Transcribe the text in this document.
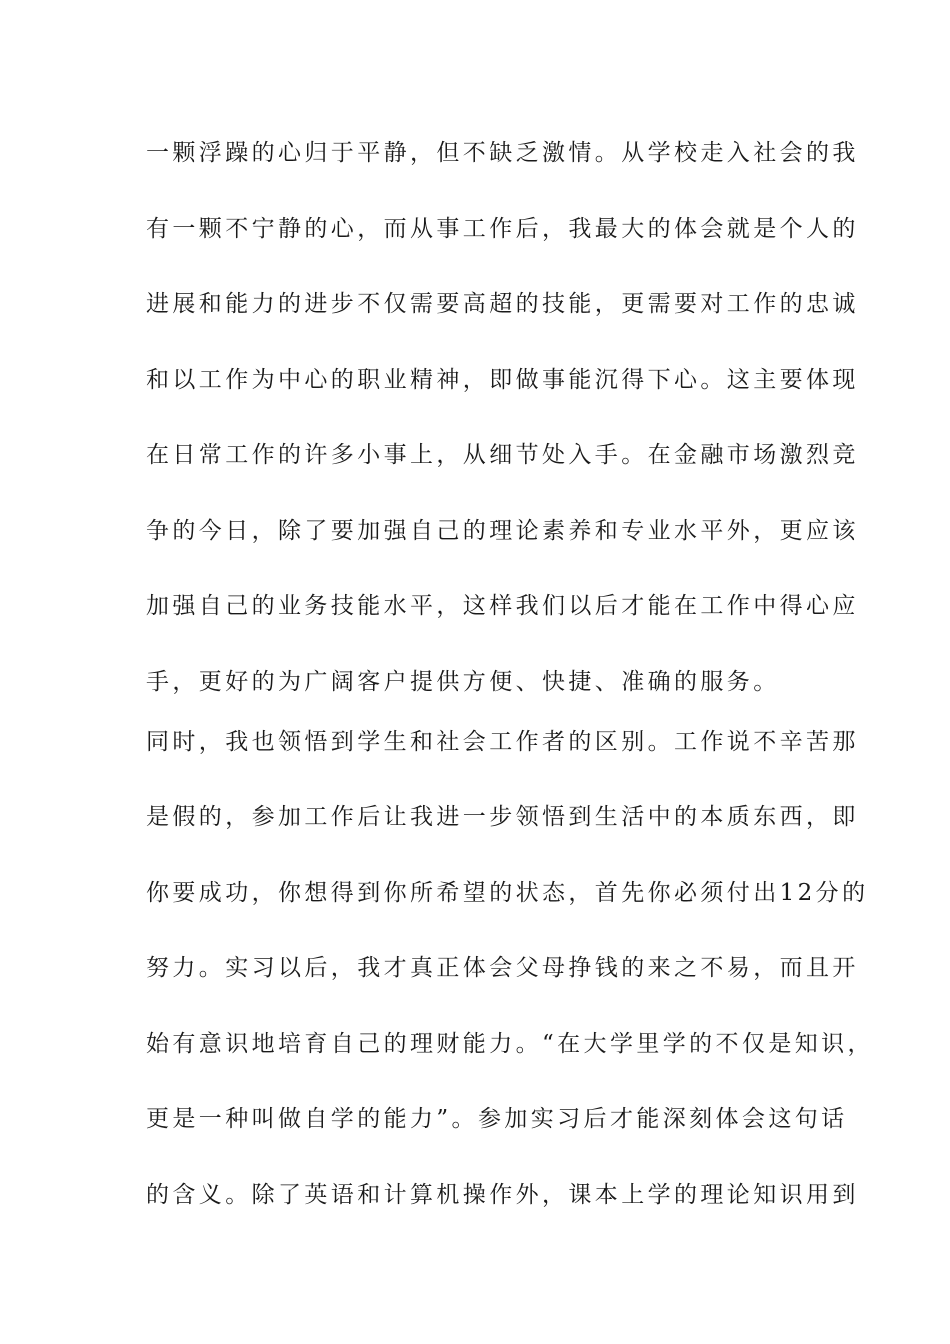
一颗浮躁的心归于平静，但不缺乏激情。从学校走入社会的我
有一颗不宁静的心，而从事工作后，我最大的体会就是个人的
进展和能力的进步不仅需要高超的技能，更需要对工作的忠诚
和以工作为中心的职业精神，即做事能沉得下心。这主要体现
在日常工作的许多小事上，从细节处入手。在金融市场激烈竞
争的今日，除了要加强自己的理论素养和专业水平外，更应该
加强自己的业务技能水平，这样我们以后才能在工作中得心应
手，更好的为广阔客户提供方便、快捷、准确的服务。
同时，我也领悟到学生和社会工作者的区别。工作说不辛苦那
是假的，参加工作后让我进一步领悟到生活中的本质东西，即
你要成功，你想得到你所希望的状态，首先你必须付出12分的
努力。实习以后，我才真正体会父母挣钱的来之不易，而且开
始有意识地培育自己的理财能力。“在大学里学的不仅是知识，
更是一种叫做自学的能力”。参加实习后才能深刻体会这句话
的含义。除了英语和计算机操作外，课本上学的理论知识用到
